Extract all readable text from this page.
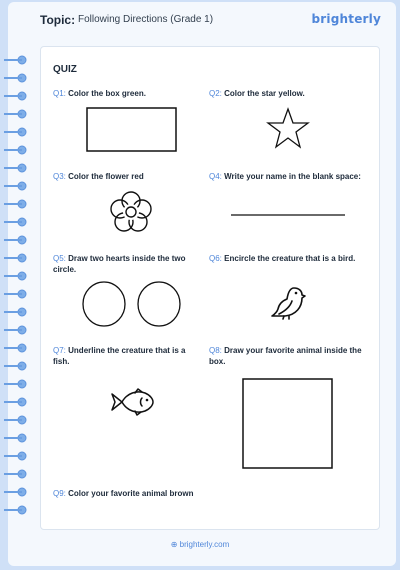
Topic: Following Directions (Grade 1)	brighterly
QUIZ
Q1: Color the box green.	Q2: Color the star yellow.
Q3: Color the flower red	Q4: Write your name in the blank space:
Q5: Draw two hearts inside the two circle.
Q6: Encircle the creature that is a bird.
Q7: Underline the creature that is a fish.
Q8: Draw your favorite animal inside the box.
Q9: Color your favorite animal brown
⊕ brighterly.com
